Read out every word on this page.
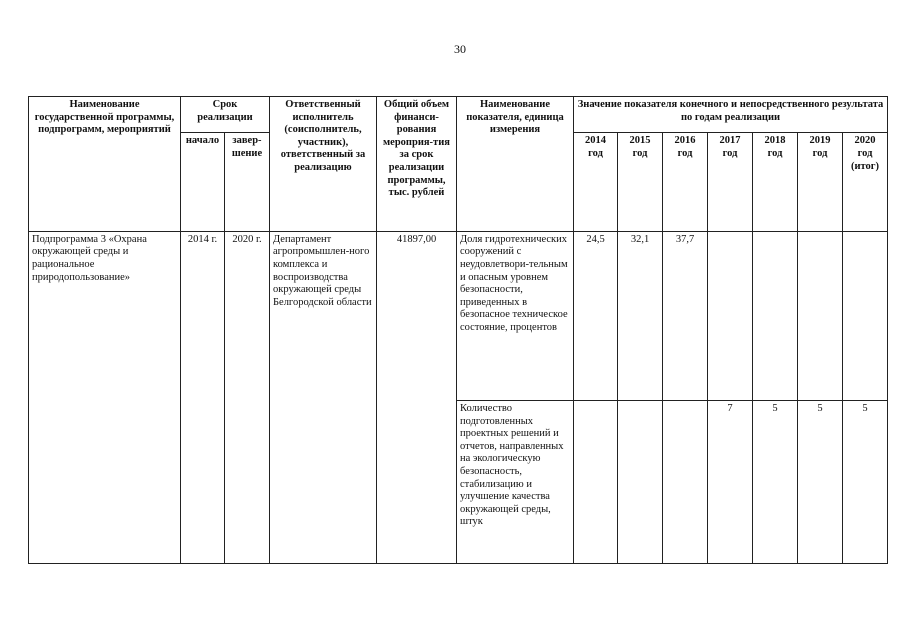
30
Наименование государственной программы, подпрограмм, мероприятий	Срок реализации		Ответственный исполнитель (соисполнитель, участник), ответственный за реализацию	Общий объем финанси-рования мероприя-тия за срок реализации программы, тыс. рублей	Наименование показателя, единица измерения	Значение показателя конечного и непосредственного результата по годам реализации						
	начало	завер-шение				2014 год	2015 год	2016 год	2017 год	2018 год	2019 год	2020 год (итог)
Подпрограмма 3 «Охрана окружающей среды и рациональное природопользование»	2014 г.	2020 г.	Департамент агропромышлен-ного комплекса и воспроизводства окружающей среды Белгородской области	41897,00	Доля гидротехнических сооружений с неудовлетвори-тельным и опасным уровнем безопасности, приведенных в безопасное техническое состояние, процентов	24,5	32,1	37,7				
					Количество подготовленных проектных решений и отчетов, направленных на экологическую безопасность, стабилизацию и улучшение качества окружающей среды, штук				7	5	5	5
